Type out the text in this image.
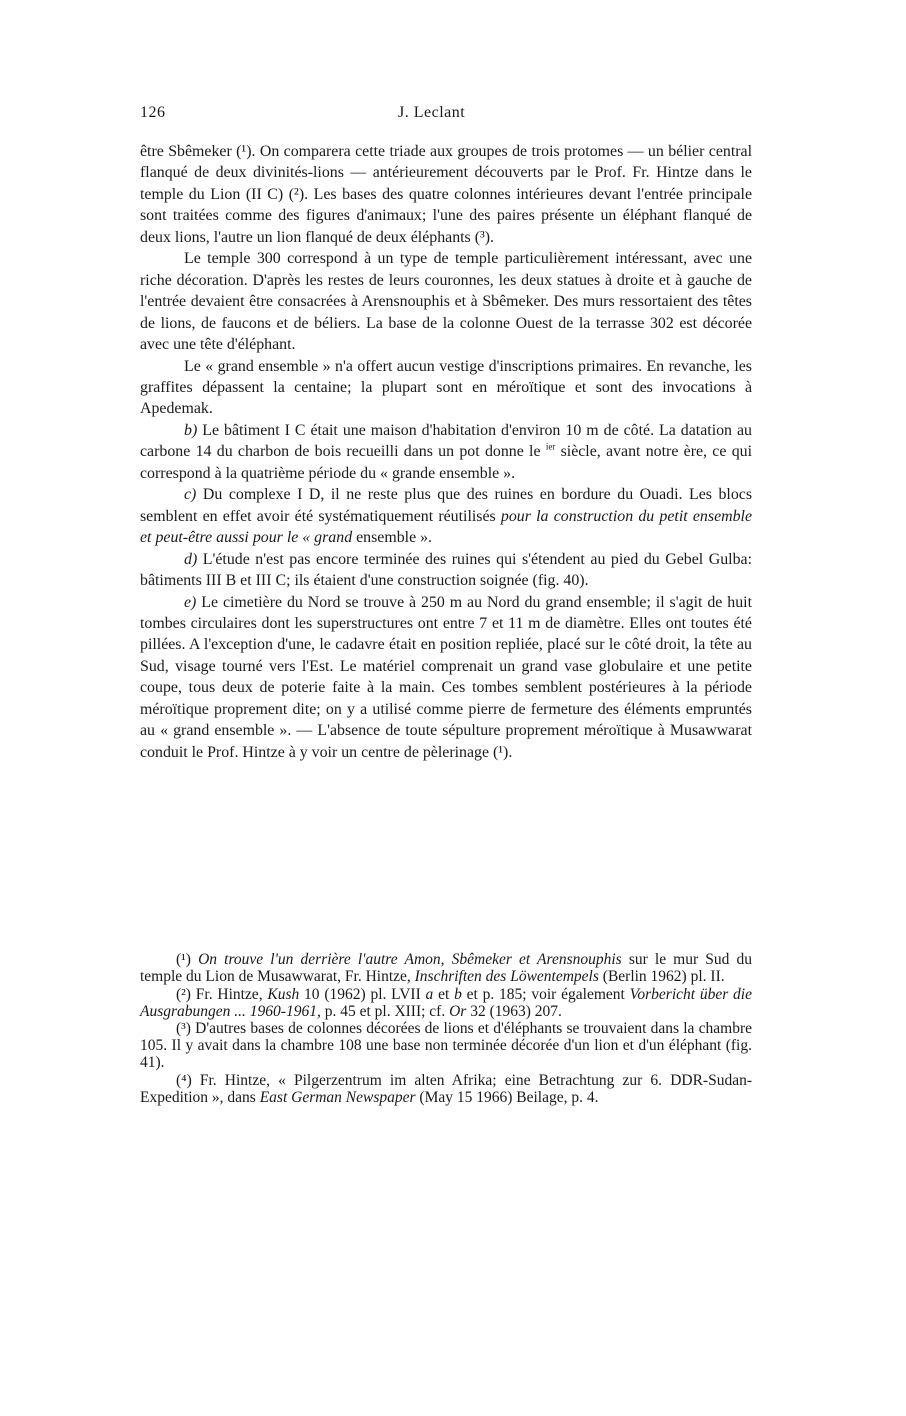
126	J. Leclant

être Sbêmeker (¹). On comparera cette triade aux groupes de trois protomes — un bélier central flanqué de deux divinités-lions — antérieurement découverts par le Prof. Fr. Hintze dans le temple du Lion (II C) (²). Les bases des quatre colonnes intérieures devant l'entrée principale sont traitées comme des figures d'animaux; l'une des paires présente un éléphant flanqué de deux lions, l'autre un lion flanqué de deux éléphants (³).

Le temple 300 correspond à un type de temple particulièrement intéressant, avec une riche décoration. D'après les restes de leurs couronnes, les deux statues à droite et à gauche de l'entrée devaient être consacrées à Arensnouphis et à Sbêmeker. Des murs ressortaient des têtes de lions, de faucons et de béliers. La base de la colonne Ouest de la terrasse 302 est décorée avec une tête d'éléphant.

Le « grand ensemble » n'a offert aucun vestige d'inscriptions primaires. En revanche, les graffites dépassent la centaine; la plupart sont en méroïtique et sont des invocations à Apedemak.

b) Le bâtiment I C était une maison d'habitation d'environ 10 m de côté. La datation au carbone 14 du charbon de bois recueilli dans un pot donne le $^{ier}$ siècle, avant notre ère, ce qui correspond à la quatrième période du « grande ensemble ».

c) Du complexe I D, il ne reste plus que des ruines en bordure du Ouadi. Les blocs semblent en effet avoir été systématiquement réutilisés pour la construction du petit ensemble et peut-être aussi pour le « grand ensemble ».

d) L'étude n'est pas encore terminée des ruines qui s'étendent au pied du Gebel Gulba: bâtiments III B et III C; ils étaient d'une construction soignée (fig. 40).

e) Le cimetière du Nord se trouve à 250 m au Nord du grand ensemble; il s'agit de huit tombes circulaires dont les superstructures ont entre 7 et 11 m de diamètre. Elles ont toutes été pillées. A l'exception d'une, le cadavre était en position repliée, placé sur le côté droit, la tête au Sud, visage tourné vers l'Est. Le matériel comprenait un grand vase globulaire et une petite coupe, tous deux de poterie faite à la main. Ces tombes semblent postérieures à la période méroïtique proprement dite; on y a utilisé comme pierre de fermeture des éléments empruntés au « grand ensemble ». — L'absence de toute sépulture proprement méroïtique à Musawwarat conduit le Prof. Hintze à y voir un centre de pèlerinage (¹).

(¹) On trouve l'un derrière l'autre Amon, Sbêmeker et Arensnouphis sur le mur Sud du temple du Lion de Musawwarat, Fr. Hintze, Inschriften des Löwentempels (Berlin 1962) pl. II.

(²) Fr. Hintze, Kush 10 (1962) pl. LVII a et b et p. 185; voir également Vorbericht über die Ausgrabungen ... 1960-1961, p. 45 et pl. XIII; cf. Or 32 (1963) 207.

(³) D'autres bases de colonnes décorées de lions et d'éléphants se trouvaient dans la chambre 105. Il y avait dans la chambre 108 une base non terminée décorée d'un lion et d'un éléphant (fig. 41).

(⁴) Fr. Hintze, « Pilgerzentrum im alten Afrika; eine Betrachtung zur 6. DDR-Sudan-Expedition », dans East German Newspaper (May 15 1966) Beilage, p. 4.
